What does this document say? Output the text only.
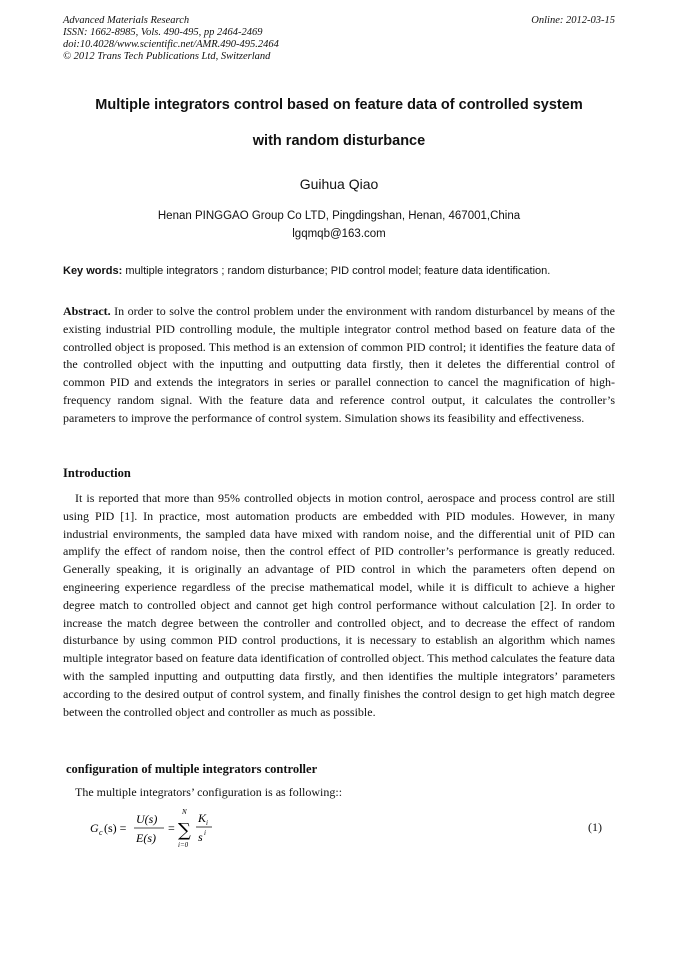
Advanced Materials Research
ISSN: 1662-8985, Vols. 490-495, pp 2464-2469
doi:10.4028/www.scientific.net/AMR.490-495.2464
© 2012 Trans Tech Publications Ltd, Switzerland
Online: 2012-03-15
Multiple integrators control based on feature data of controlled system
with random disturbance
Guihua Qiao
Henan PINGGAO Group Co LTD, Pingdingshan, Henan, 467001,China
lgqmqb@163.com
Key words: multiple integrators ; random disturbance; PID control model; feature data identification.
Abstract. In order to solve the control problem under the environment with random disturbancel by means of the existing industrial PID controlling module, the multiple integrator control method based on feature data of the controlled object is proposed. This method is an extension of common PID control; it identifies the feature data of the controlled object with the inputting and outputting data firstly, then it deletes the differential control of common PID and extends the integrators in series or parallel connection to cancel the magnification of high-frequency random signal. With the feature data and reference control output, it calculates the controller’s parameters to improve the performance of control system. Simulation shows its feasibility and effectiveness.
Introduction
It is reported that more than 95% controlled objects in motion control, aerospace and process control are still using PID [1]. In practice, most automation products are embedded with PID modules. However, in many industrial environments, the sampled data have mixed with random noise, and the differential unit of PID can amplify the effect of random noise, then the control effect of PID controller’s performance is greatly reduced. Generally speaking, it is originally an advantage of PID control in which the parameters often depend on engineering experience regardless of the precise mathematical model, while it is difficult to achieve a higher degree match to controlled object and cannot get high control performance without calculation [2]. In order to increase the match degree between the controller and controlled object, and to decrease the effect of random disturbance by using common PID control productions, it is necessary to establish an algorithm which names multiple integrator based on feature data identification of controlled object. This method calculates the feature data with the sampled inputting and outputting data firstly, and then identifies the multiple integrators’ parameters according to the desired output of control system, and finally finishes the control design to get high match degree between the controlled object and controller as much as possible.
configuration of multiple integrators controller
The multiple integrators’ configuration is as following::
G c (s) =
U(s)
E(s)
=
N
∑
i=0
K i
s i	(1)
